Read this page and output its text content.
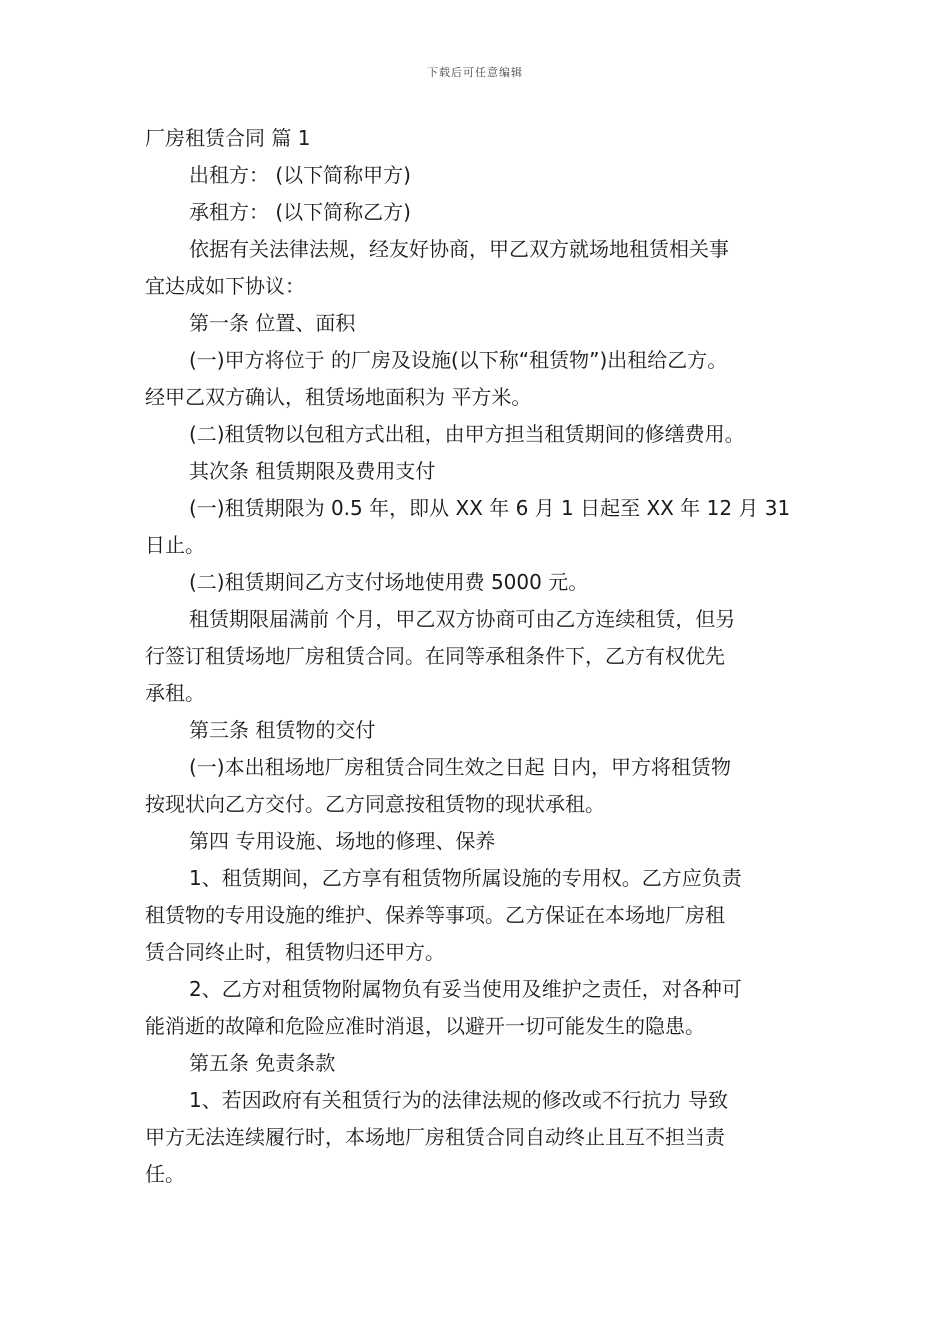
下载后可任意编辑

厂房租赁合同 篇 1

出租方： (以下简称甲方)

承租方： (以下简称乙方)

依据有关法律法规，经友好协商，甲乙双方就场地租赁相关事

宜达成如下协议：

第一条 位置、面积

(一)甲方将位于 的厂房及设施(以下称“租赁物”)出租给乙方。

经甲乙双方确认，租赁场地面积为 平方米。

(二)租赁物以包租方式出租，由甲方担当租赁期间的修缮费用。

其次条 租赁期限及费用支付

(一)租赁期限为 0.5 年，即从 XX 年 6 月 1 日起至 XX 年 12 月 31

日止。

(二)租赁期间乙方支付场地使用费 5000 元。

租赁期限届满前 个月，甲乙双方协商可由乙方连续租赁，但另

行签订租赁场地厂房租赁合同。在同等承租条件下，乙方有权优先

承租。

第三条 租赁物的交付

(一)本出租场地厂房租赁合同生效之日起 日内，甲方将租赁物

按现状向乙方交付。乙方同意按租赁物的现状承租。

第四 专用设施、场地的修理、保养

1、租赁期间，乙方享有租赁物所属设施的专用权。乙方应负责

租赁物的专用设施的维护、保养等事项。乙方保证在本场地厂房租

赁合同终止时，租赁物归还甲方。

2、乙方对租赁物附属物负有妥当使用及维护之责任，对各种可

能消逝的故障和危险应准时消退，以避开一切可能发生的隐患。

第五条 免责条款

1、若因政府有关租赁行为的法律法规的修改或不行抗力 导致

甲方无法连续履行时，本场地厂房租赁合同自动终止且互不担当责

任。
